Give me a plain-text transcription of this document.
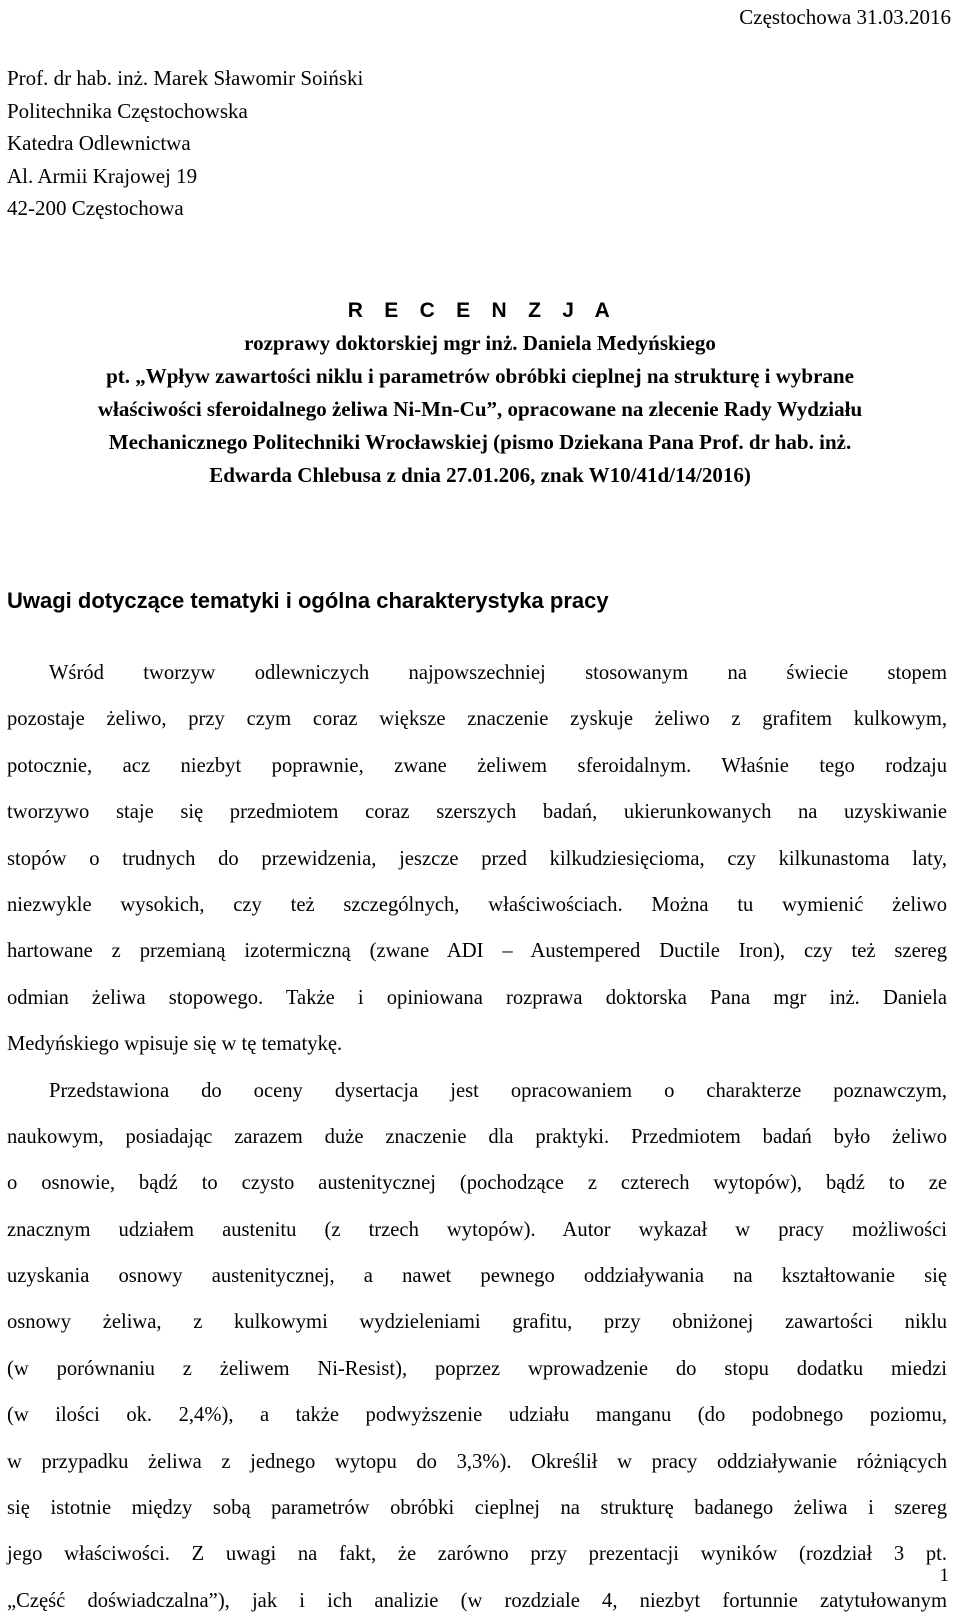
Częstochowa 31.03.2016
Prof. dr hab. inż. Marek Sławomir Soiński
Politechnika Częstochowska
Katedra Odlewnictwa
Al. Armii Krajowej 19
42-200 Częstochowa
R E C E N Z J A
rozprawy doktorskiej mgr inż. Daniela Medyńskiego
pt. „Wpływ zawartości niklu i parametrów obróbki cieplnej na strukturę i wybrane
właściwości sferoidalnego żeliwa Ni-Mn-Cu”, opracowane na zlecenie Rady Wydziału
Mechanicznego Politechniki Wrocławskiej (pismo Dziekana Pana Prof. dr hab. inż.
Edwarda Chlebusa z dnia 27.01.206, znak W10/41d/14/2016)
Uwagi dotyczące tematyki i ogólna charakterystyka pracy
Wśród tworzyw odlewniczych najpowszechniej stosowanym na świecie stopem
pozostaje żeliwo, przy czym coraz większe znaczenie zyskuje żeliwo z grafitem kulkowym,
potocznie, acz niezbyt poprawnie, zwane żeliwem sferoidalnym. Właśnie tego rodzaju
tworzywo staje się przedmiotem coraz szerszych badań, ukierunkowanych na uzyskiwanie
stopów o trudnych do przewidzenia, jeszcze przed kilkudziesięcioma, czy kilkunastoma laty,
niezwykle wysokich, czy też szczególnych, właściwościach. Można tu wymienić żeliwo
hartowane z przemianą izotermiczną (zwane ADI – Austempered Ductile Iron), czy też szereg
odmian żeliwa stopowego. Także i opiniowana rozprawa doktorska Pana mgr inż. Daniela
Medyńskiego wpisuje się w tę tematykę.
Przedstawiona do oceny dysertacja jest opracowaniem o charakterze poznawczym,
naukowym, posiadając zarazem duże znaczenie dla praktyki. Przedmiotem badań było żeliwo
o osnowie, bądź to czysto austenitycznej (pochodzące z czterech wytopów), bądź to ze
znacznym udziałem austenitu (z trzech wytopów). Autor wykazał w pracy możliwości
uzyskania osnowy austenitycznej, a nawet pewnego oddziaływania na kształtowanie się
osnowy żeliwa, z kulkowymi wydzieleniami grafitu, przy obniżonej zawartości niklu
(w porównaniu z żeliwem Ni-Resist), poprzez wprowadzenie do stopu dodatku miedzi
(w ilości ok. 2,4%), a także podwyższenie udziału manganu (do podobnego poziomu,
w przypadku żeliwa z jednego wytopu do 3,3%). Określił w pracy oddziaływanie różniących
się istotnie między sobą parametrów obróbki cieplnej na strukturę badanego żeliwa i szereg
jego właściwości. Z uwagi na fakt, że zarówno przy prezentacji wyników (rozdział 3 pt.
„Część doświadczalna”), jak i ich analizie (w rozdziale 4, niezbyt fortunnie zatytułowanym
1
